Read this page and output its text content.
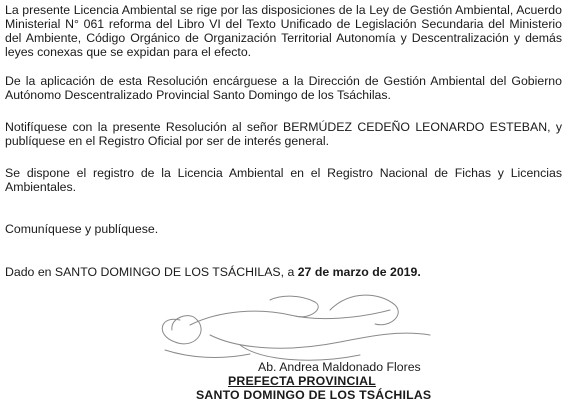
La presente Licencia Ambiental se rige por las disposiciones de la Ley de Gestión Ambiental, Acuerdo Ministerial N° 061 reforma del Libro VI del Texto Unificado de Legislación Secundaria del Ministerio del Ambiente, Código Orgánico de Organización Territorial Autonomía y Descentralización y demás leyes conexas que se expidan para el efecto.

De la aplicación de esta Resolución encárguese a la Dirección de Gestión Ambiental del Gobierno Autónomo Descentralizado Provincial Santo Domingo de los Tsáchilas.

Notifíquese con la presente Resolución al señor BERMÚDEZ CEDEÑO LEONARDO ESTEBAN, y publíquese en el Registro Oficial por ser de interés general.

Se dispone el registro de la Licencia Ambiental en el Registro Nacional de Fichas y Licencias Ambientales.

Comuníquese y publíquese.

Dado en SANTO DOMINGO DE LOS TSÁCHILAS, a 27 de marzo de 2019.

Ab. Andrea Maldonado Flores
PREFECTA PROVINCIAL
SANTO DOMINGO DE LOS TSÁCHILAS
